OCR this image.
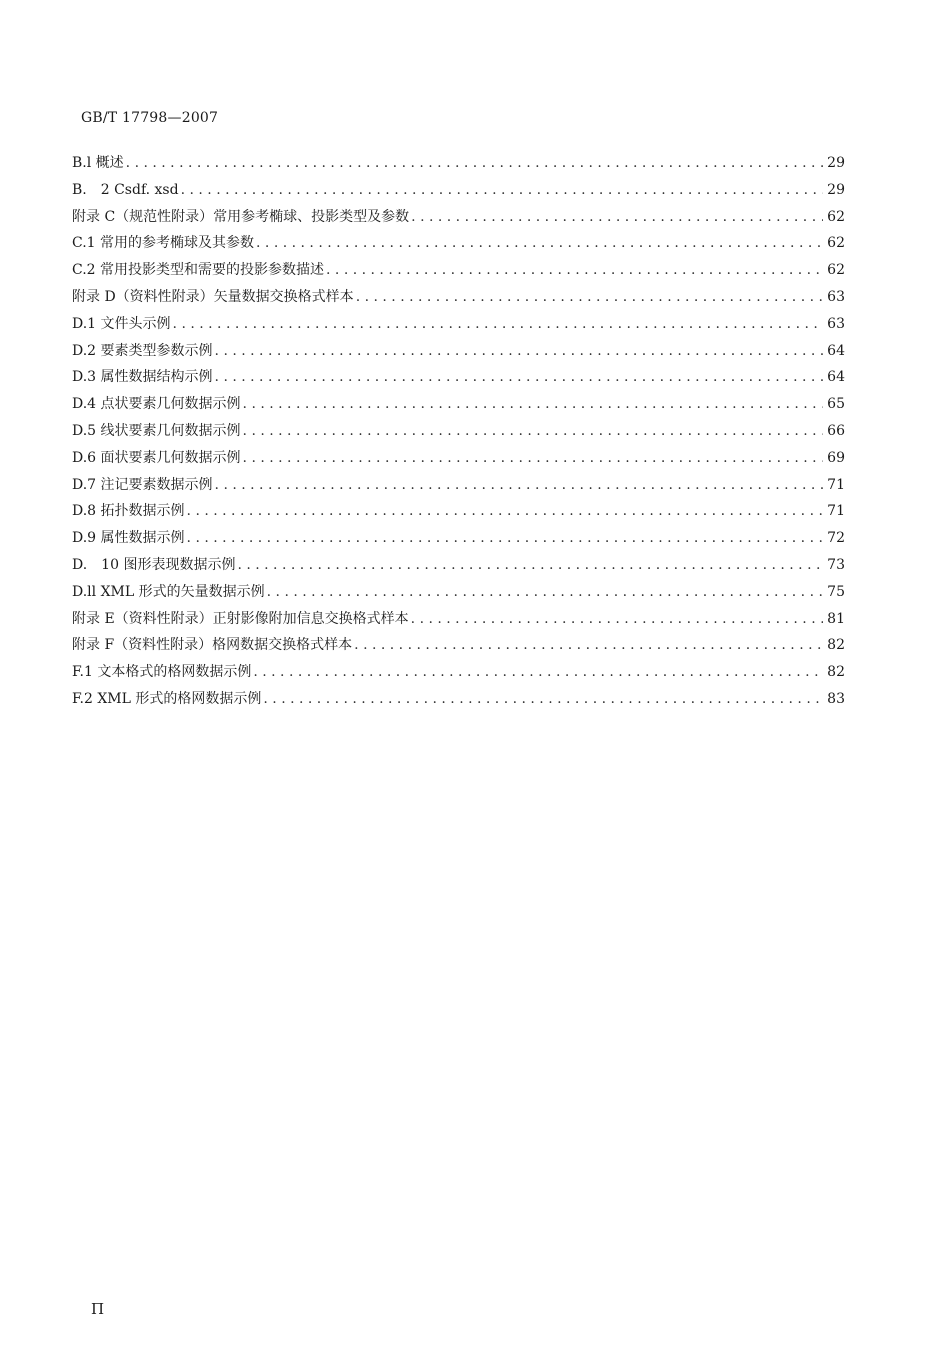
GB/T 17798—2007
B.l 概述 . . .	29
B.　2 Csdf. xsd . . .	29
附录 C（规范性附录）常用参考椭球、投影类型及参数 . . .	62
C.1 常用的参考椭球及其参数 . . .	62
C.2 常用投影类型和需要的投影参数描述 . . .	62
附录 D（资料性附录）矢量数据交换格式样本 . . .	63
D.1 文件头示例 . . .	63
D.2 要素类型参数示例 . . .	64
D.3 属性数据结构示例 . . .	64
D.4 点状要素几何数据示例 . . .	65
D.5 线状要素几何数据示例 . . .	66
D.6 面状要素几何数据示例 . . .	69
D.7 注记要素数据示例 . . .	71
D.8 拓扑数据示例 . . .	71
D.9 属性数据示例 . . .	72
D.　10 图形表现数据示例 . . .	73
D.ll XML 形式的矢量数据示例 . . .	75
附录 E（资料性附录）正射影像附加信息交换格式样本 . . .	81
附录 F（资料性附录）格网数据交换格式样本 . . .	82
F.1 文本格式的格网数据示例 . . .	82
F.2 XML 形式的格网数据示例 . . .	83
Π
